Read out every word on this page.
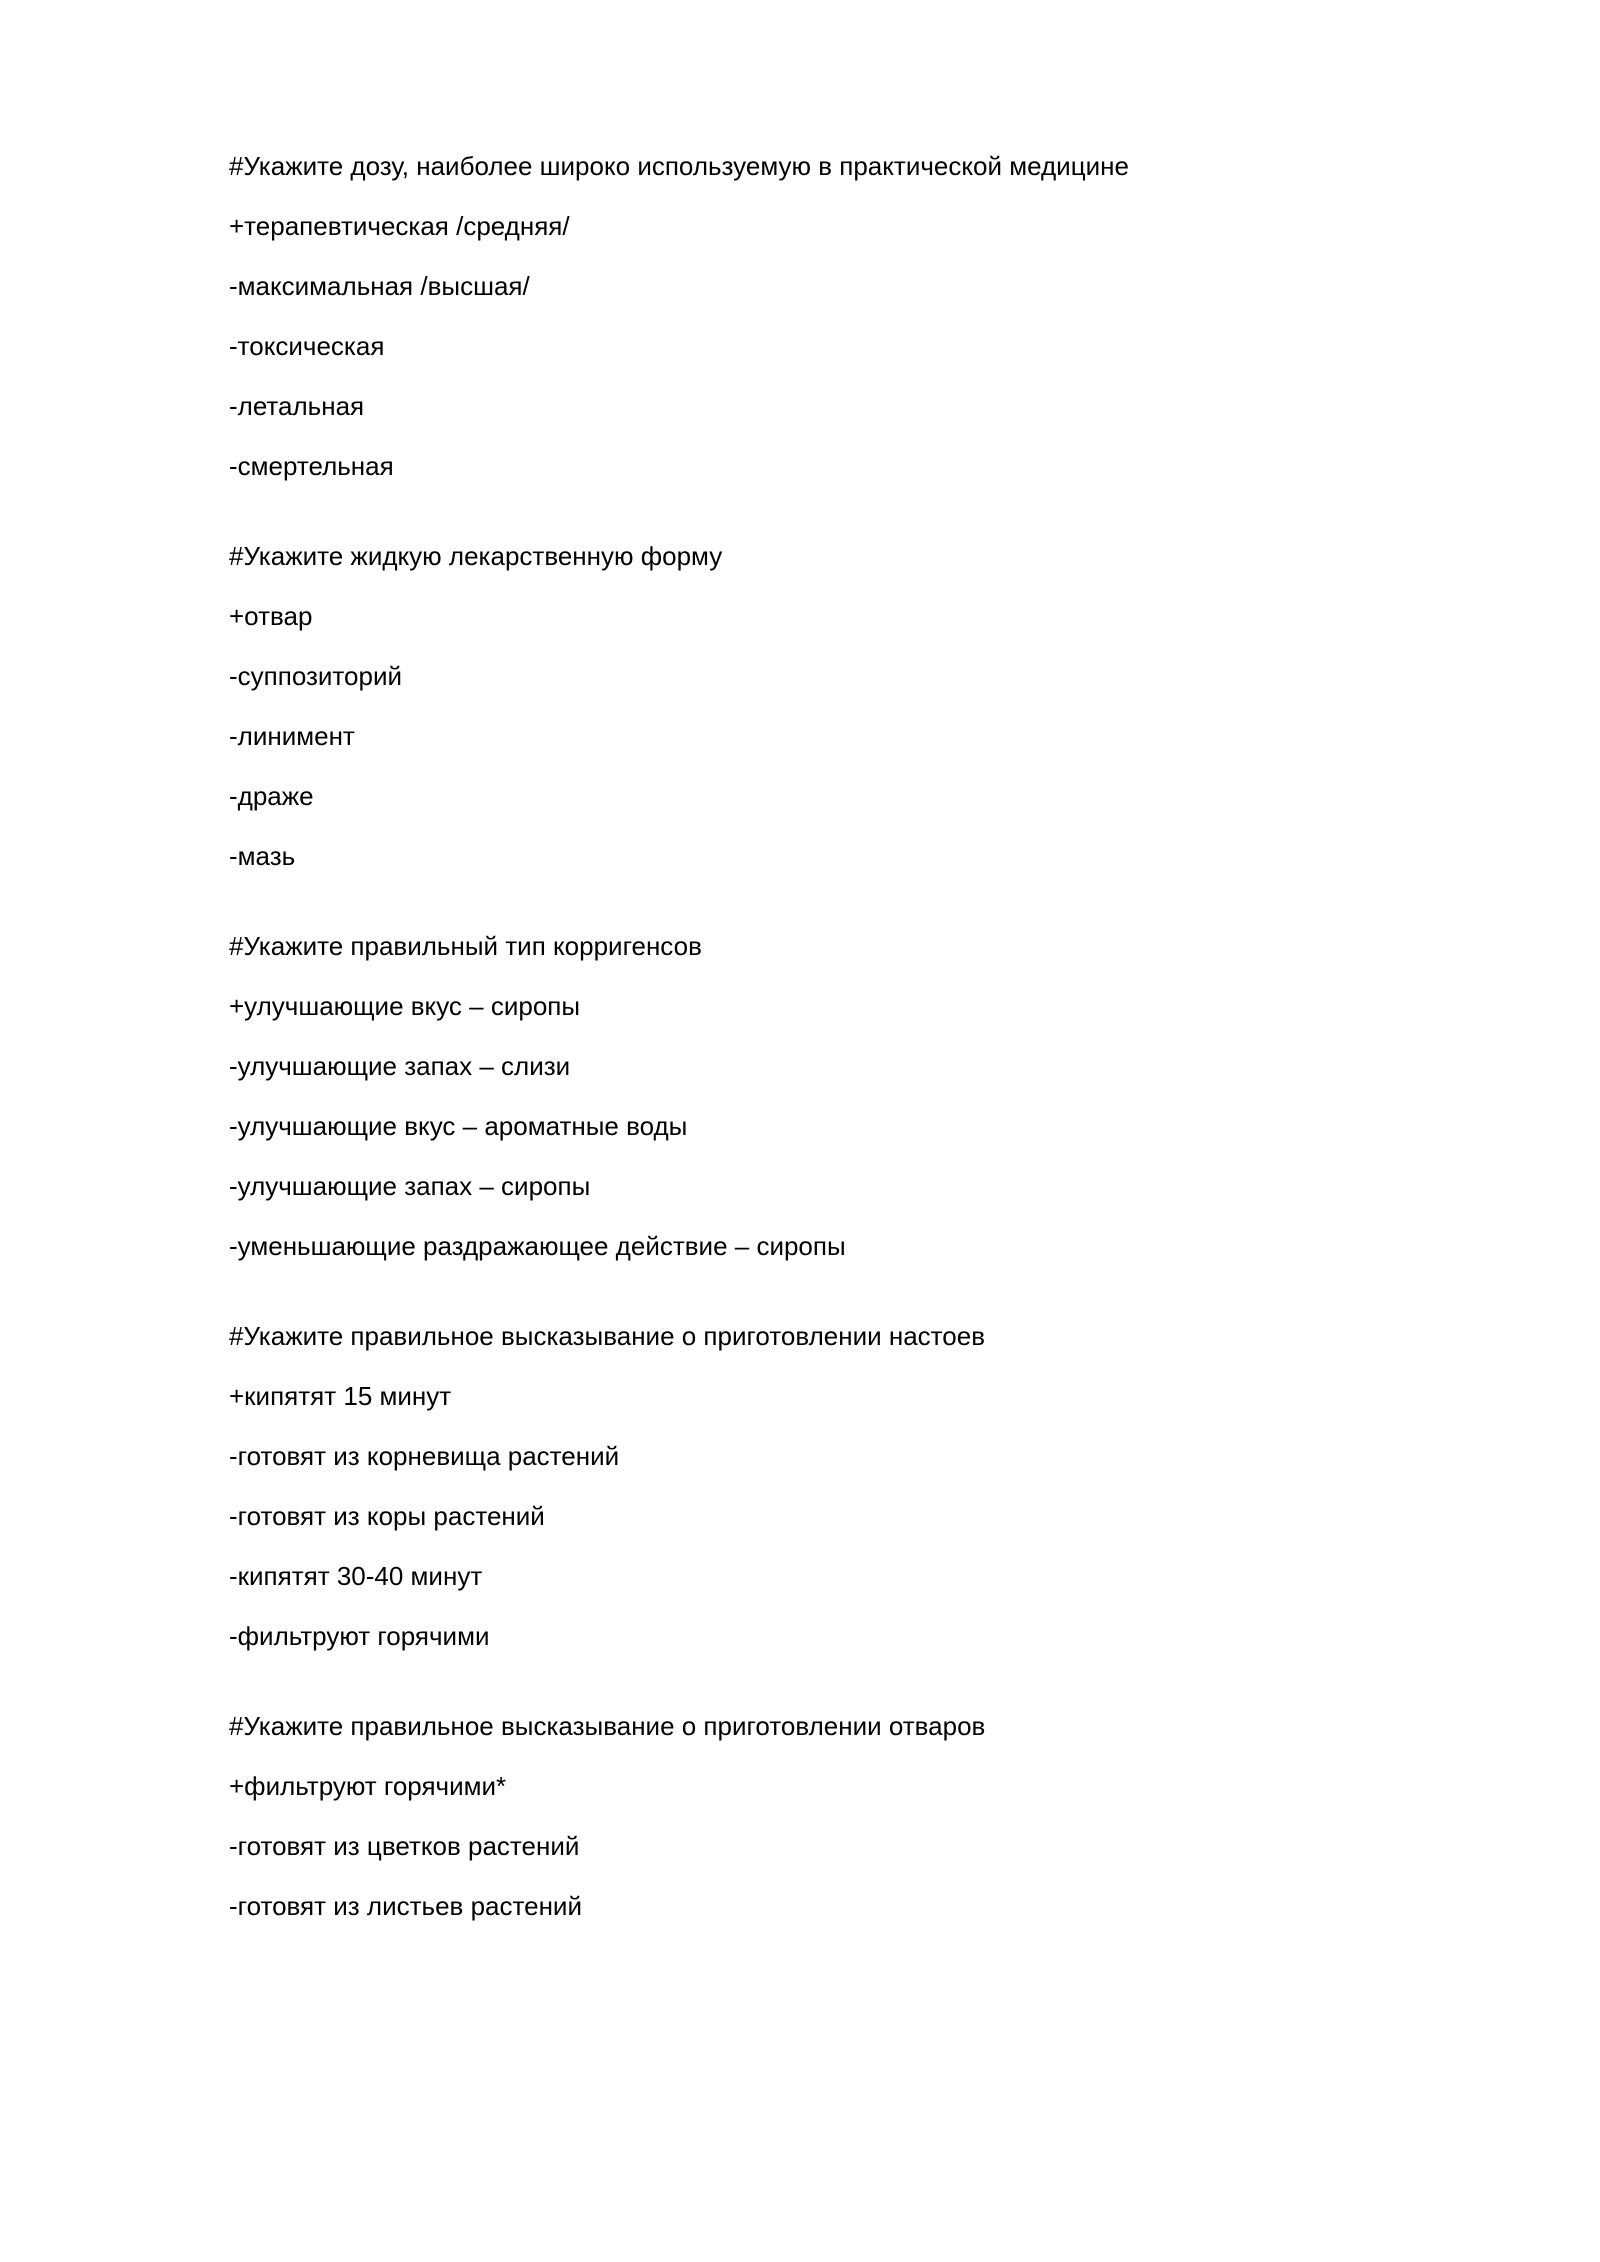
#Укажите дозу, наиболее широко используемую в практической медицине
+терапевтическая /средняя/
-максимальная /высшая/
-токсическая
-летальная
-смертельная
#Укажите жидкую лекарственную форму
+отвар
-суппозиторий
-линимент
-драже
-мазь
#Укажите правильный тип корригенсов
+улучшающие вкус – сиропы
-улучшающие запах – слизи
-улучшающие вкус – ароматные воды
-улучшающие запах – сиропы
-уменьшающие раздражающее действие – сиропы
#Укажите правильное высказывание о приготовлении настоев
+кипятят 15 минут
-готовят из корневища растений
-готовят из коры растений
-кипятят 30-40 минут
-фильтруют горячими
#Укажите правильное высказывание о приготовлении отваров
+фильтруют горячими*
-готовят из цветков растений
-готовят из листьев растений
